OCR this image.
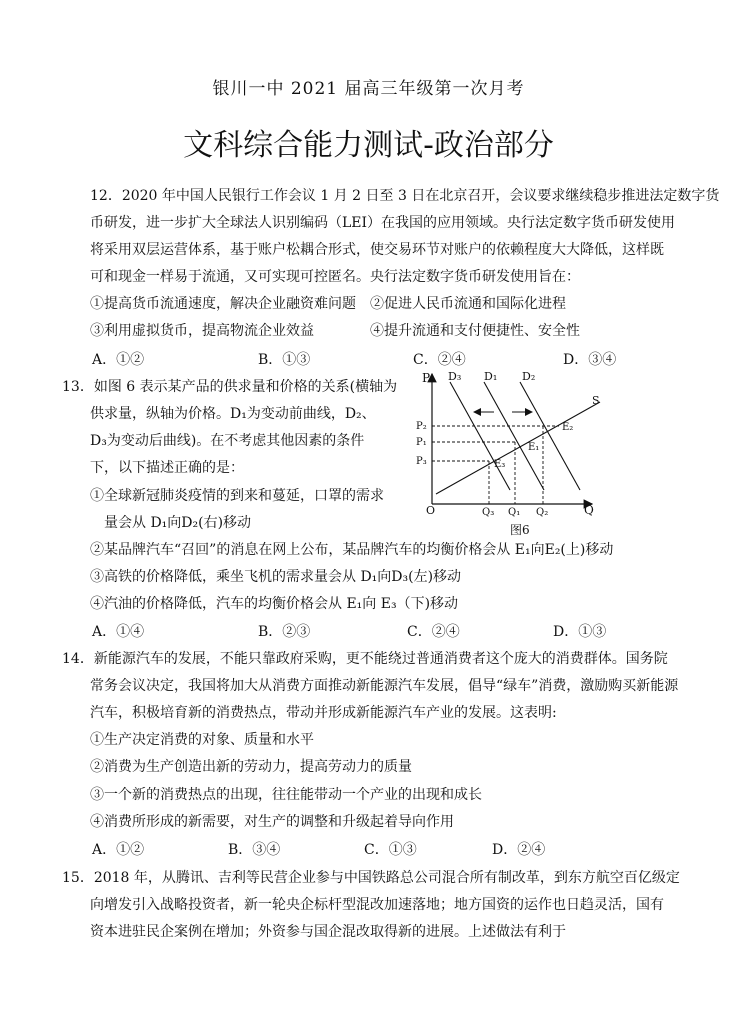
银川一中 2021 届高三年级第一次月考
文科综合能力测试-政治部分
12．2020 年中国人民银行工作会议 1 月 2 日至 3 日在北京召开，会议要求继续稳步推进法定数字货
币研发，进一步扩大全球法人识别编码（LEI）在我国的应用领域。央行法定数字货币研发使用
将采用双层运营体系，基于账户松耦合形式，使交易环节对账户的依赖程度大大降低，这样既
可和现金一样易于流通，又可实现可控匿名。央行法定数字货币研发使用旨在：
①提高货币流通速度，解决企业融资难问题 ②促进人民币流通和国际化进程
③利用虚拟货币，提高物流企业效益	④提升流通和支付便捷性、安全性
A．①②	B．①③	C．②④	D．③④
13．如图 6 表示某产品的供求量和价格的关系(横轴为
供求量，纵轴为价格。D₁为变动前曲线，D₂、
D₃为变动后曲线)。在不考虑其他因素的条件
下，以下描述正确的是：
①全球新冠肺炎疫情的到来和蔓延，口罩的需求
量会从 D₁向D₂(右)移动
②某品牌汽车“召回”的消息在网上公布，某品牌汽车的均衡价格会从 E₁向E₂(上)移动
③高铁的价格降低，乘坐飞机的需求量会从 D₁向D₃(左)移动
④汽油的价格降低，汽车的均衡价格会从 E₁向 E₃（下)移动
A．①④	B．②③	C．②④	D．①③
P
Q
O
D₃ D₁ D₂
S
P₂
P₁
P₃
Q₃ Q₁ Q₂
E₂
E₁
E₃
图6
14．新能源汽车的发展，不能只靠政府采购，更不能绕过普通消费者这个庞大的消费群体。国务院
常务会议决定，我国将加大从消费方面推动新能源汽车发展，倡导“绿车”消费，激励购买新能源
汽车，积极培育新的消费热点，带动并形成新能源汽车产业的发展。这表明:
①生产决定消费的对象、质量和水平
②消费为生产创造出新的劳动力，提高劳动力的质量
③一个新的消费热点的出现，往往能带动一个产业的出现和成长
④消费所形成的新需要，对生产的调整和升级起着导向作用
A．①②	B．③④	C．①③	D．②④
15．2018 年，从腾讯、吉利等民营企业参与中国铁路总公司混合所有制改革，到东方航空百亿级定
向增发引入战略投资者，新一轮央企标杆型混改加速落地；地方国资的运作也日趋灵活，国有
资本进驻民企案例在增加；外资参与国企混改取得新的进展。上述做法有利于
